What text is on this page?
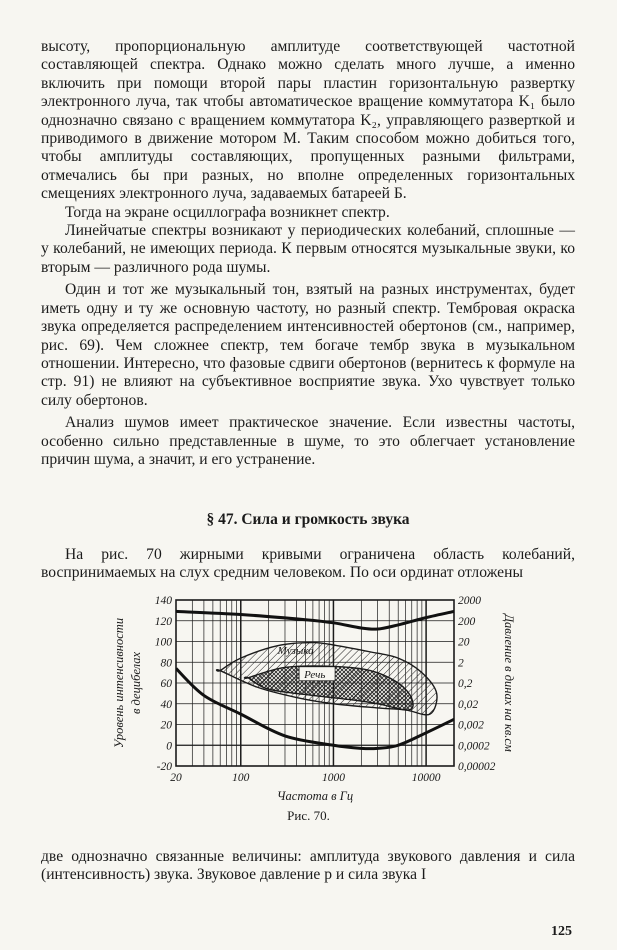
высоту, пропорциональную амплитуде соответствующей частотной составляющей спектра. Однако можно сделать много лучше, а именно включить при помощи второй пары пластин горизонтальную развертку электронного луча, так чтобы автоматическое вращение коммутатора K₁ было однозначно связано с вращением коммутатора K₂, управляющего разверткой и приводимого в движение мотором M. Таким способом можно добиться того, чтобы амплитуды составляющих, пропущенных разными фильтрами, отмечались бы при разных, но вполне определенных горизонтальных смещениях электронного луча, задаваемых батареей Б.

Тогда на экране осциллографа возникнет спектр.

Линейчатые спектры возникают у периодических колебаний, сплошные — у колебаний, не имеющих периода. К первым относятся музыкальные звуки, ко вторым — различного рода шумы.

Один и тот же музыкальный тон, взятый на разных инструментах, будет иметь одну и ту же основную частоту, но разный спектр. Тембровая окраска звука определяется распределением интенсивностей обертонов (см., например, рис. 69). Чем сложнее спектр, тем богаче тембр звука в музыкальном отношении. Интересно, что фазовые сдвиги обертонов (вернитесь к формуле на стр. 91) не влияют на субъективное восприятие звука. Ухо чувствует только силу обертонов.

Анализ шумов имеет практическое значение. Если известны частоты, особенно сильно представленные в шуме, то это облегчает установление причин шума, а значит, и его устранение.

§ 47. Сила и громкость звука

На рис. 70 жирными кривыми ограничена область колебаний, воспринимаемых на слух средним человеком. По оси ординат отложены

140
120
100
80
60
40
20
0
-20
2000
200
20
2
0,2
0,02
0,002
0,0002
0,00002
20	100	1000	10000
Музыка
Речь
Частота в Гц
Уровень интенсивности в децибелах	Давление в динах на кв.см
Рис. 70.

две однозначно связанные величины: амплитуда звукового давления и сила (интенсивность) звука. Звуковое давление p и сила звука I

125
